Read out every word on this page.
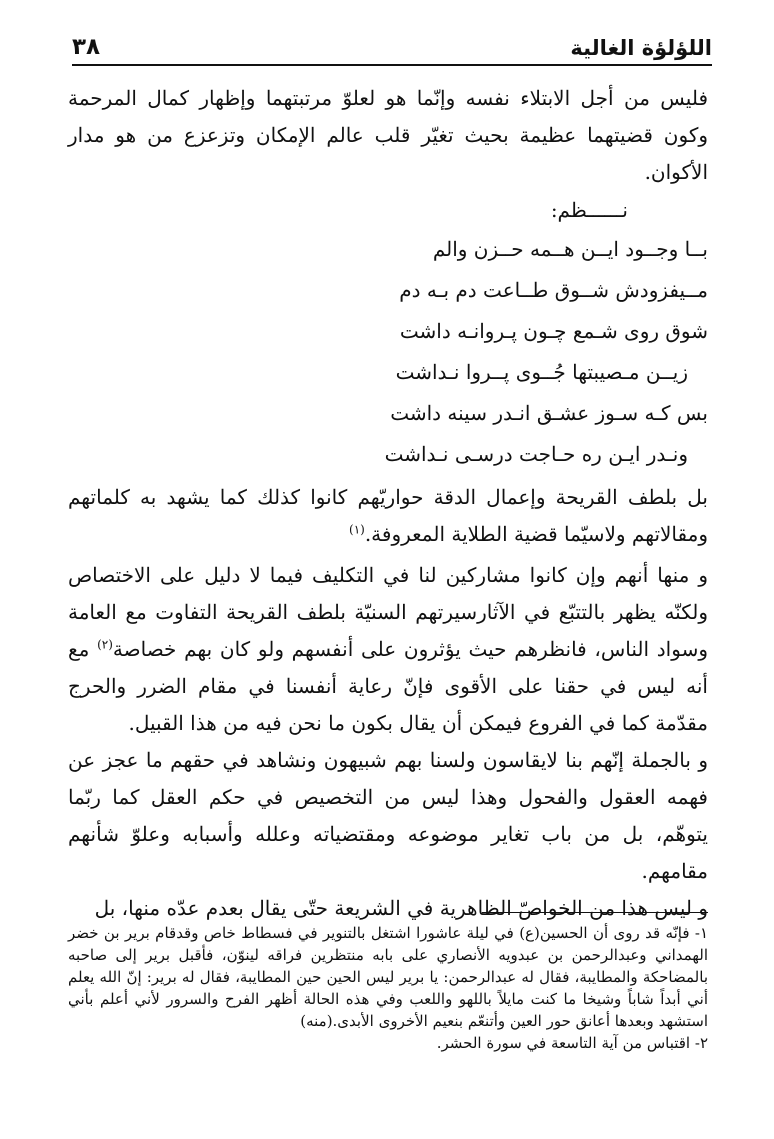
اللؤلؤة الغالية
٣٨

فليس من أجل الابتلاء نفسه وإنّما هو لعلوّ مرتبتهما وإظهار كمال المرحمة وكون قضيتهما عظيمة بحيث تغيّر قلب عالم الإمكان وتزعزع من هو مدار الأكوان.

نــــــظم:

بــا وجــود ايــن هــمه حــزن والم

مــیفزودش شــوق طــاعت دم بـه دم

شوق روی شـمع چـون پـروانـه داشت

زیــن مـصیبتها جُــوی پــروا نـداشت

بس کـه سـوز عشـق انـدر سینه داشت

ونـدر ایـن ره حـاجت درسـی نـداشت

بل بلطف القريحة وإعمال الدقة حواريّهم كانوا كذلك كما يشهد به كلماتهم ومقالاتهم ولاسيّما قضية الطلاية المعروفة.$^{(١)}$

و منها أنهم وإن كانوا مشاركين لنا في التكليف فيما لا دليل على الاختصاص ولكنّه يظهر بالتتبّع في الآثارسيرتهم السنيّة بلطف القريحة التفاوت مع العامة وسواد الناس، فانظرهم حيث يؤثرون على أنفسهم ولو كان بهم خصاصة$^{(٢)}$ مع أنه ليس في حقنا على الأقوى فإنّ رعاية أنفسنا في مقام الضرر والحرج مقدّمة كما في الفروع فيمكن أن يقال بكون ما نحن فيه من هذا القبيل.

و بالجملة إنّهم بنا لايقاسون ولسنا بهم شبيهون ونشاهد في حقهم ما عجز عن فهمه العقول والفحول وهذا ليس من التخصيص في حكم العقل كما ربّما يتوهّم، بل من باب تغاير موضوعه ومقتضياته وعلله وأسبابه وعلوّ شأنهم مقامهم.

و ليس هذا من الخواصّ الظاهرية في الشريعة حتّى يقال بعدم عدّه منها، بل

١- فإنّه قد روى أن الحسين(ع) في ليلة عاشورا اشتغل بالتنوير في فسطاط خاص وقدقام برير بن خضر الهمداني وعبدالرحمن بن عبدويه الأنصاري على بابه منتظرين فراقه لينوّن، فأقبل برير إلى صاحبه بالمضاحكة والمطايبة، فقال له عبدالرحمن: يا برير ليس الحين حين المطايبة، فقال له برير: إنّ الله يعلم أني أبداً شاباً وشيخا ما كنت مايلاً باللهو واللعب وفي هذه الحالة أظهر الفرح والسرور لأني أعلم بأني استشهد وبعدها أعانق حور العين وأتنعّم بنعيم الأخروى الأبدى.(منه)

٢- اقتباس من آية التاسعة في سورة الحشر.
